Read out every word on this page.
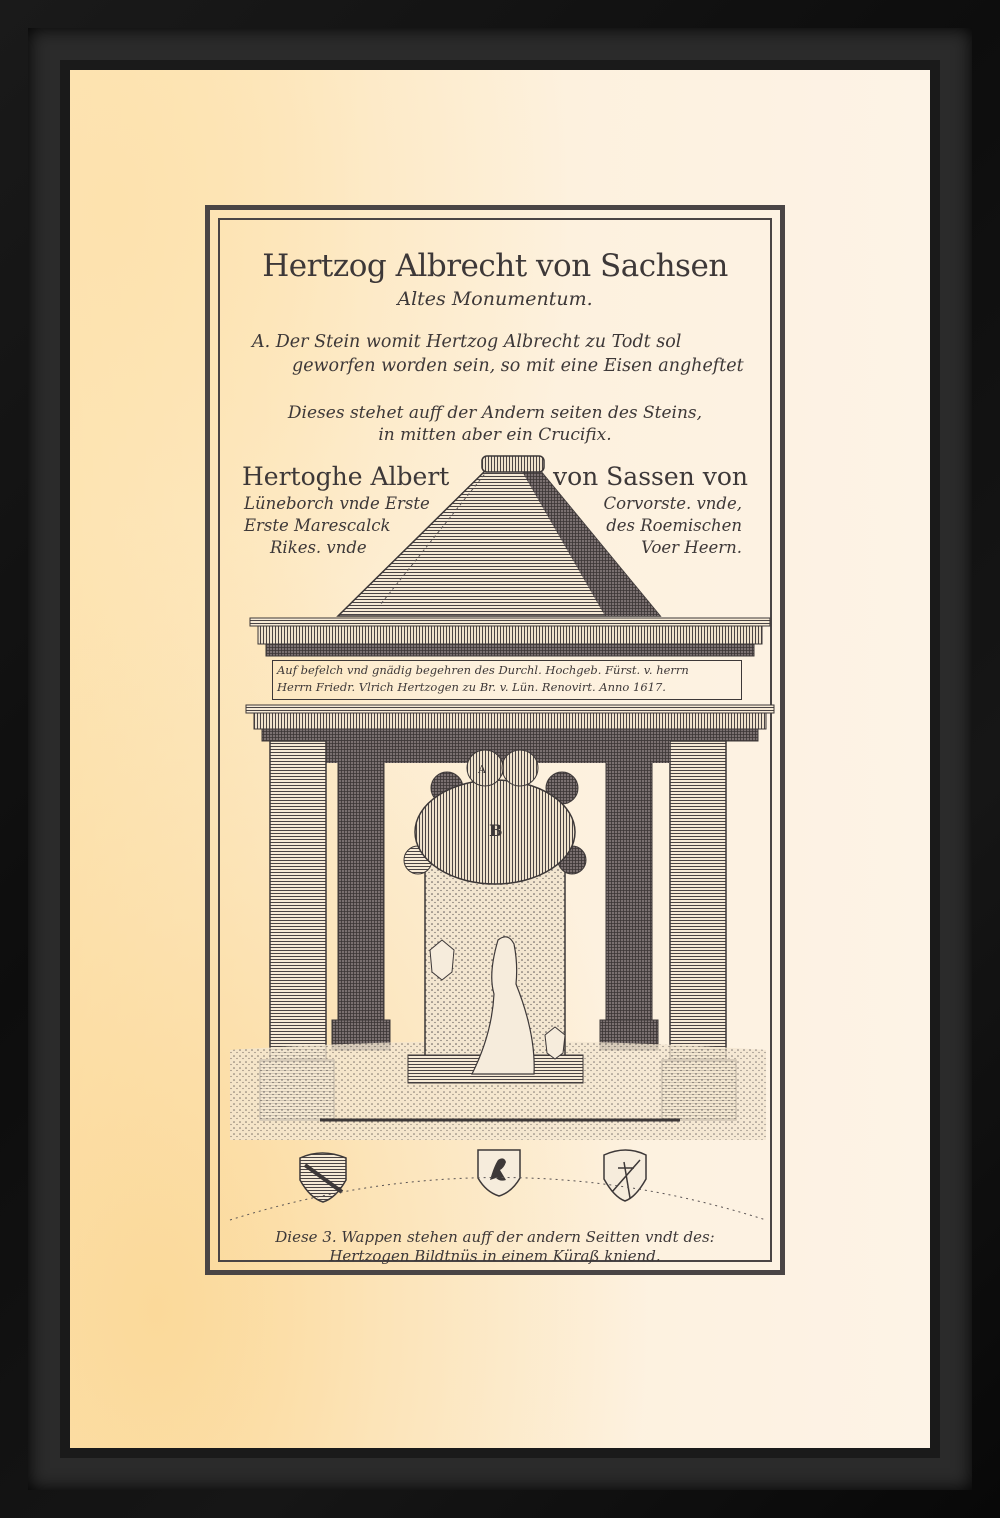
Hertzog Albrecht von Sachsen
Altes Monumentum.
A. Der Stein womit Hertzog Albrecht zu Todt sol
geworfen worden sein, so mit eine Eisen angheftet
Dieses stehet auff der Andern seiten des Steins,
in mitten aber ein Crucifix.
B
A
Hertoghe Albert	von Sassen von
Lüneborch vnde Erste
Erste Marescalck
Rikes. vnde
Corvorste. vnde,
des Roemischen
Voer Heern.
Auf befelch vnd gnädig begehren des Durchl. Hochgeb. Fürst. v. herrn
Herrn Friedr. Vlrich Hertzogen zu Br. v. Lün. Renovirt. Anno 1617.
Diese 3. Wappen stehen auff der andern Seitten vndt des:
Hertzogen Bildtnüs in einem Küraß kniend.
